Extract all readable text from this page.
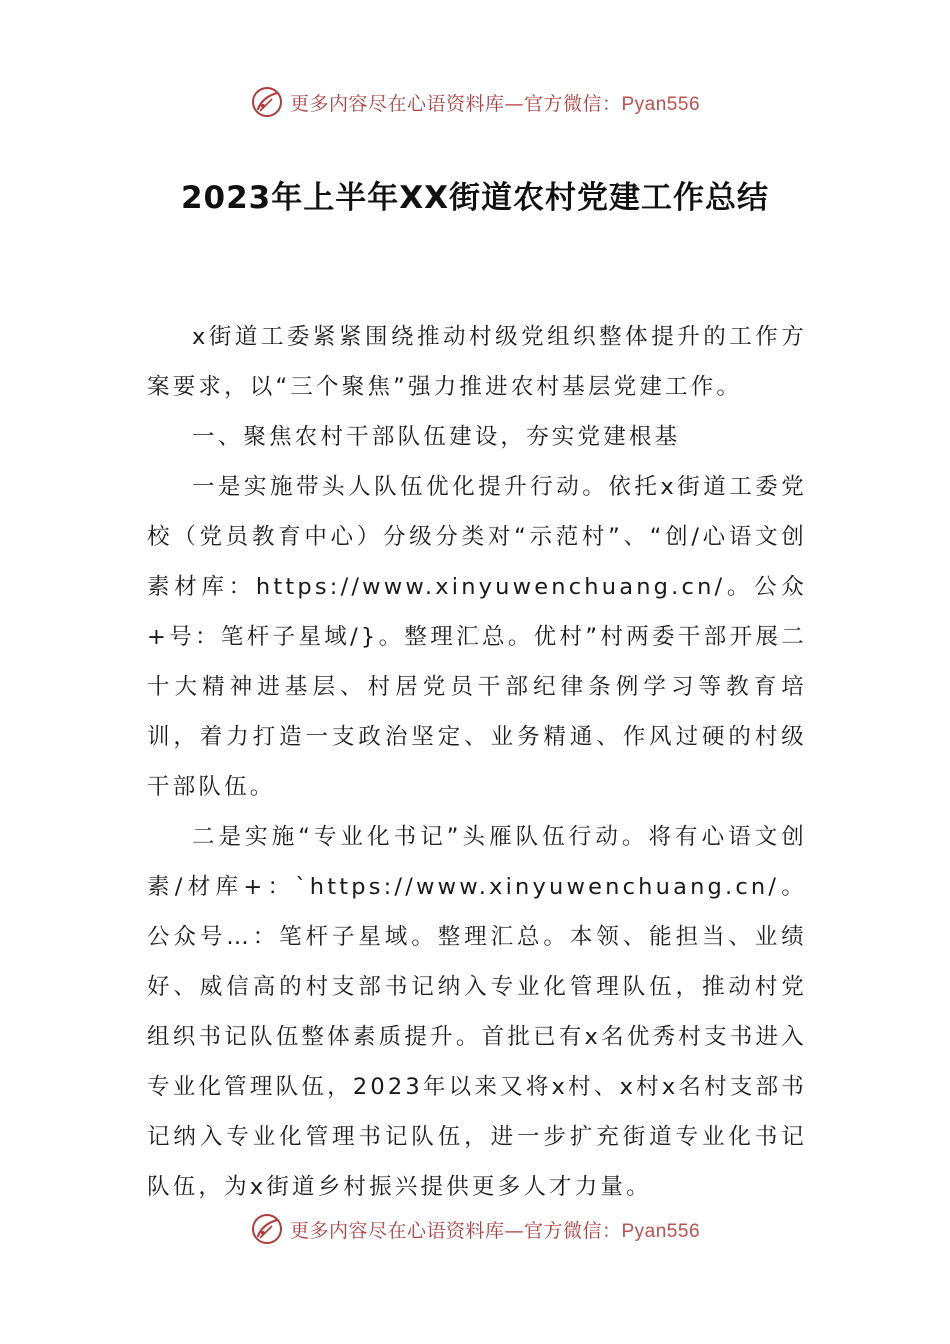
更多内容尽在心语资料库—官方微信：Pyan556
2023年上半年XX街道农村党建工作总结

x街道工委紧紧围绕推动村级党组织整体提升的工作方案要求，以“三个聚焦”强力推进农村基层党建工作。

一、聚焦农村干部队伍建设，夯实党建根基

一是实施带头人队伍优化提升行动。依托x街道工委党校（党员教育中心）分级分类对“示范村”、“创/心语文创素材库：https://www.xinyuwenchuang.cn/。公众+号：笔杆子星域/}。整理汇总。优村”村两委干部开展二十大精神进基层、村居党员干部纪律条例学习等教育培训，着力打造一支政治坚定、业务精通、作风过硬的村级干部队伍。

二是实施“专业化书记”头雁队伍行动。将有心语文创素/材库+：`https://www.xinyuwenchuang.cn/。公众号…：笔杆子星域。整理汇总。本领、能担当、业绩好、威信高的村支部书记纳入专业化管理队伍，推动村党组织书记队伍整体素质提升。首批已有x名优秀村支书进入专业化管理队伍，2023年以来又将x村、x村x名村支部书记纳入专业化管理书记队伍，进一步扩充街道专业化书记队伍，为x街道乡村振兴提供更多人才力量。

更多内容尽在心语资料库—官方微信：Pyan556
